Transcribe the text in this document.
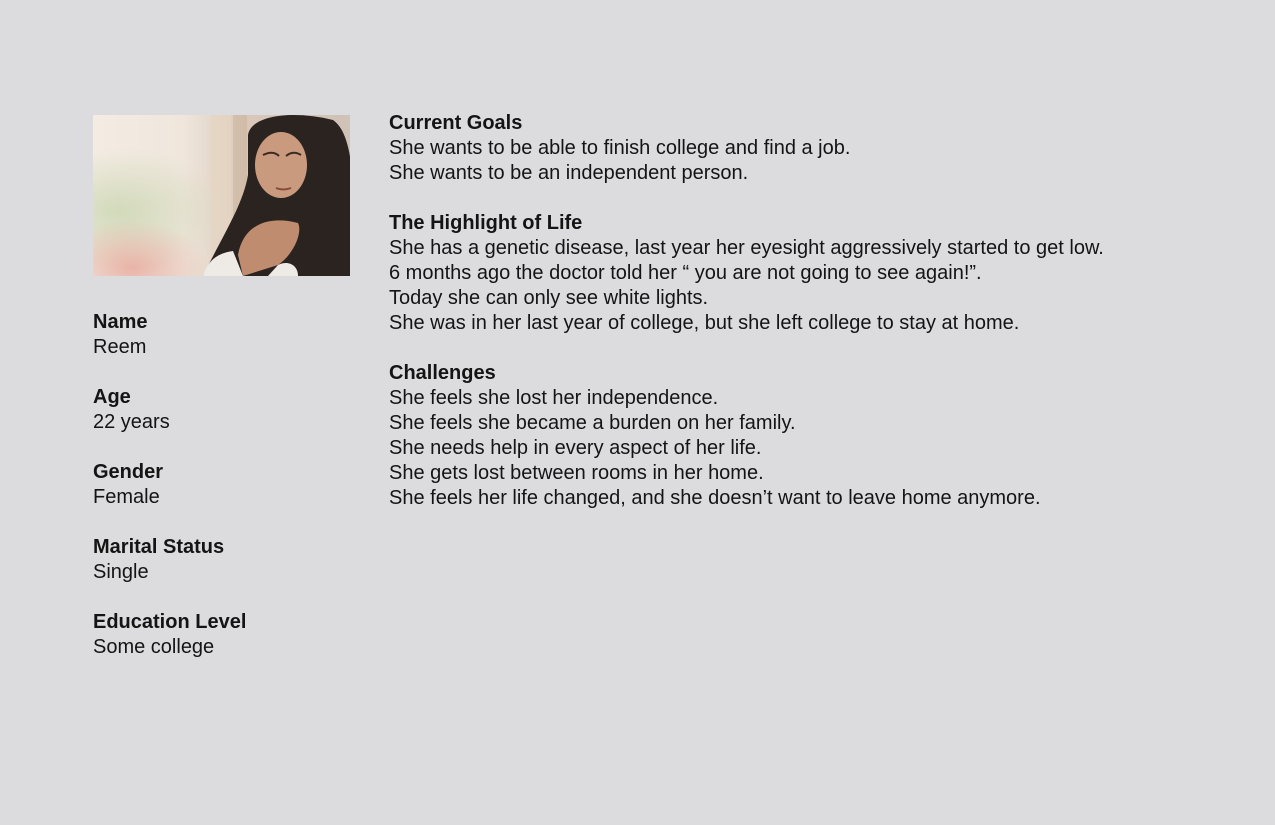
Name
Reem
Age
22 years
Gender
Female
Marital Status
Single
Education Level
Some college
Current Goals
She wants to be able to finish college and find a job.
She wants to be an independent person.
The Highlight of Life
She has a genetic disease, last year her eyesight aggressively started to get low.
6 months ago the doctor told her “ you are not going to see again!”.
Today she can only see white lights.
She was in her last year of college, but she left college to stay at home.
Challenges
She feels she lost her independence.
She feels she became a burden on her family.
She needs help in every aspect of her life.
She gets lost between rooms in her home.
She feels her life changed, and she doesn’t want to leave home anymore.
